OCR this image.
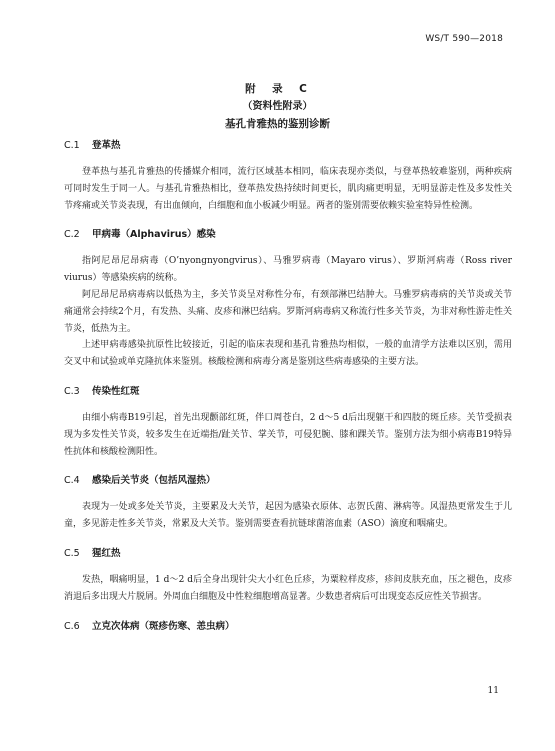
WS/T 590—2018
附　录　C
（资料性附录）
基孔肯雅热的鉴别诊断
C.1 登革热

登革热与基孔肯雅热的传播媒介相同，流行区域基本相同，临床表现亦类似，与登革热较难鉴别，两种疾病可同时发生于同一人。与基孔肯雅热相比，登革热发热持续时间更长，肌肉痛更明显，无明显游走性及多发性关节疼痛或关节炎表现，有出血倾向，白细胞和血小板减少明显。两者的鉴别需要依赖实验室特异性检测。

C.2 甲病毒（Alphavirus）感染

指阿尼昂尼昂病毒（O’nyongnyongvirus）、马雅罗病毒（Mayaro virus）、罗斯河病毒（Ross river viurus）等感染疾病的统称。

阿尼昂尼昂病毒病以低热为主，多关节炎呈对称性分布，有颈部淋巴结肿大。马雅罗病毒病的关节炎或关节痛通常会持续2个月，有发热、头痛、皮疹和淋巴结病。罗斯河病毒病又称流行性多关节炎，为非对称性游走性关节炎，低热为主。

上述甲病毒感染抗原性比较接近，引起的临床表现和基孔肯雅热均相似，一般的血清学方法难以区别，需用交叉中和试验或单克隆抗体来鉴别。核酸检测和病毒分离是鉴别这些病毒感染的主要方法。

C.3 传染性红斑

由细小病毒B19引起，首先出现颧部红斑，伴口周苍白，2 d～5 d后出现躯干和四肢的斑丘疹。关节受损表现为多发性关节炎，较多发生在近端指/趾关节、掌关节，可侵犯腕、膝和踝关节。鉴别方法为细小病毒B19特异性抗体和核酸检测阳性。

C.4 感染后关节炎（包括风湿热）

表现为一处或多处关节炎，主要累及大关节，起因为感染衣原体、志贺氏菌、淋病等。风湿热更常发生于儿童，多见游走性多关节炎，常累及大关节。鉴别需要查看抗链球菌溶血素（ASO）滴度和咽痛史。

C.5 猩红热

发热，咽痛明显，1 d～2 d后全身出现针尖大小红色丘疹，为粟粒样皮疹，疹间皮肤充血，压之褪色，皮疹消退后多出现大片脱屑。外周血白细胞及中性粒细胞增高显著。少数患者病后可出现变态反应性关节损害。

C.6 立克次体病（斑疹伤寒、恙虫病）
11
